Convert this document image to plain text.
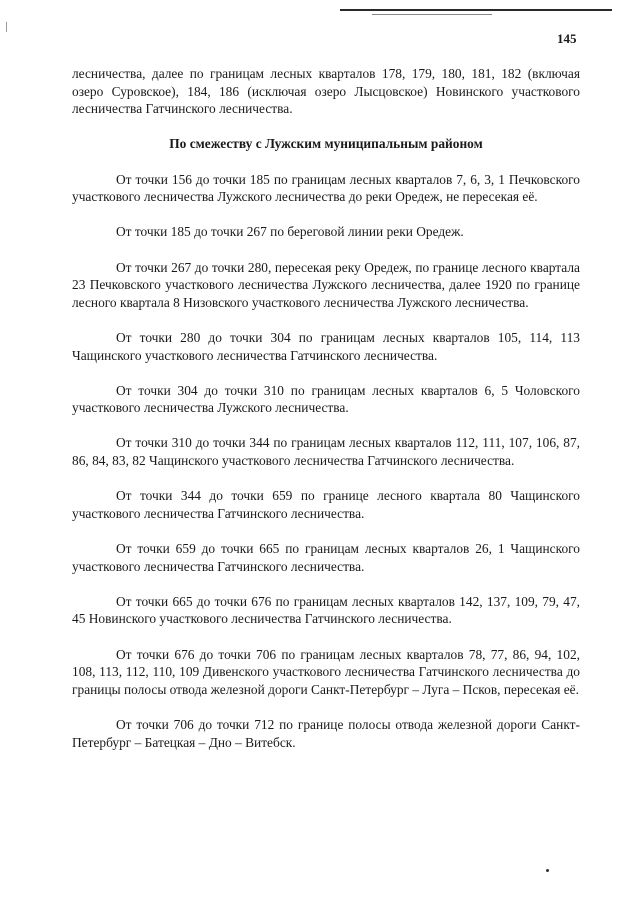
145

лесничества, далее по границам лесных кварталов 178, 179, 180, 181, 182 (включая озеро Суровское), 184, 186 (исключая озеро Лысцовское) Новинского участкового лесничества Гатчинского лесничества.

По смежеству с Лужским муниципальным районом

От точки 156 до точки 185 по границам лесных кварталов 7, 6, 3, 1 Печковского участкового лесничества Лужского лесничества до реки Оредеж, не пересекая её.

От точки 185 до точки 267 по береговой линии реки Оредеж.

От точки 267 до точки 280, пересекая реку Оредеж, по границе лесного квартала 23 Печковского участкового лесничества Лужского лесничества, далее 1920 по границе лесного квартала 8 Низовского участкового лесничества Лужского лесничества.

От точки 280 до точки 304 по границам лесных кварталов 105, 114, 113 Чащинского участкового лесничества Гатчинского лесничества.

От точки 304 до точки 310 по границам лесных кварталов 6, 5 Чоловского участкового лесничества Лужского лесничества.

От точки 310 до точки 344 по границам лесных кварталов 112, 111, 107, 106, 87, 86, 84, 83, 82 Чащинского участкового лесничества Гатчинского лесничества.

От точки 344 до точки 659 по границе лесного квартала 80 Чащинского участкового лесничества Гатчинского лесничества.

От точки 659 до точки 665 по границам лесных кварталов 26, 1 Чащинского участкового лесничества Гатчинского лесничества.

От точки 665 до точки 676 по границам лесных кварталов 142, 137, 109, 79, 47, 45 Новинского участкового лесничества Гатчинского лесничества.

От точки 676 до точки 706 по границам лесных кварталов 78, 77, 86, 94, 102, 108, 113, 112, 110, 109 Дивенского участкового лесничества Гатчинского лесничества до границы полосы отвода железной дороги Санкт-Петербург – Луга – Псков, пересекая её.

От точки 706 до точки 712 по границе полосы отвода железной дороги Санкт-Петербург – Батецкая – Дно – Витебск.
